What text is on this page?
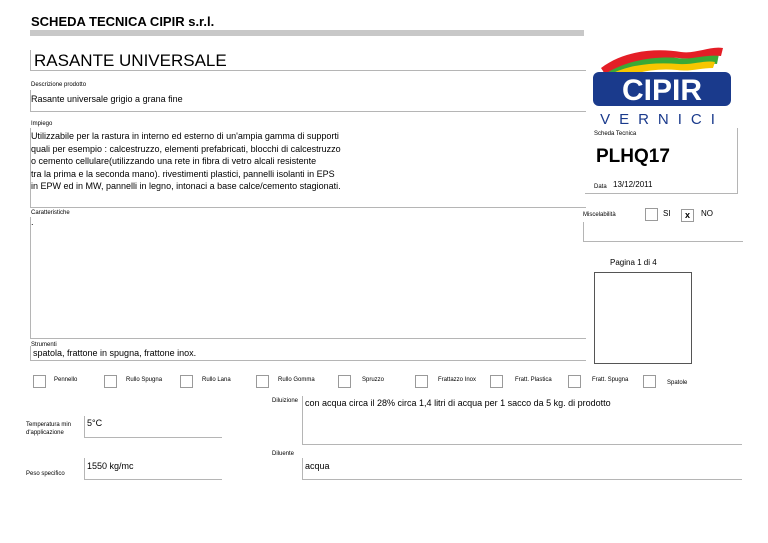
SCHEDA TECNICA CIPIR s.r.l.
RASANTE UNIVERSALE
CIPIR
VERNICI
Descrizione prodotto
Rasante universale grigio a grana fine
Impiego
Utilizzabile per la rastura in interno ed esterno di un'ampia gamma di supporti
quali per esempio : calcestruzzo, elementi prefabricati, blocchi di calcestruzzo
o cemento cellulare(utilizzando una rete in fibra di vetro alcali resistente
tra la prima e la seconda mano). rivestimenti plastici, pannelli isolanti in EPS
in EPW ed in MW, pannelli in legno, intonaci a base calce/cemento stagionati.
Scheda Tecnica
PLHQ17
Data 13/12/2011
Caratteristiche
.
Miscelabilità	SI	x	NO
Pagina 1 di 4
Strumenti
spatola, frattone in spugna, frattone inox.
Pennello	Rullo Spugna	Rullo Lana	Rullo Gomma	Spruzzo	Frattazzo Inox	Fratt. Plastica	Fratt. Spugna	Spatole
Diluizione con acqua circa il 28% circa 1,4 litri di acqua per 1 sacco da 5 kg. di prodotto
Temperatura min
d'applicazione
5°C
Diluente
acqua
Peso specifico
1550 kg/mc
